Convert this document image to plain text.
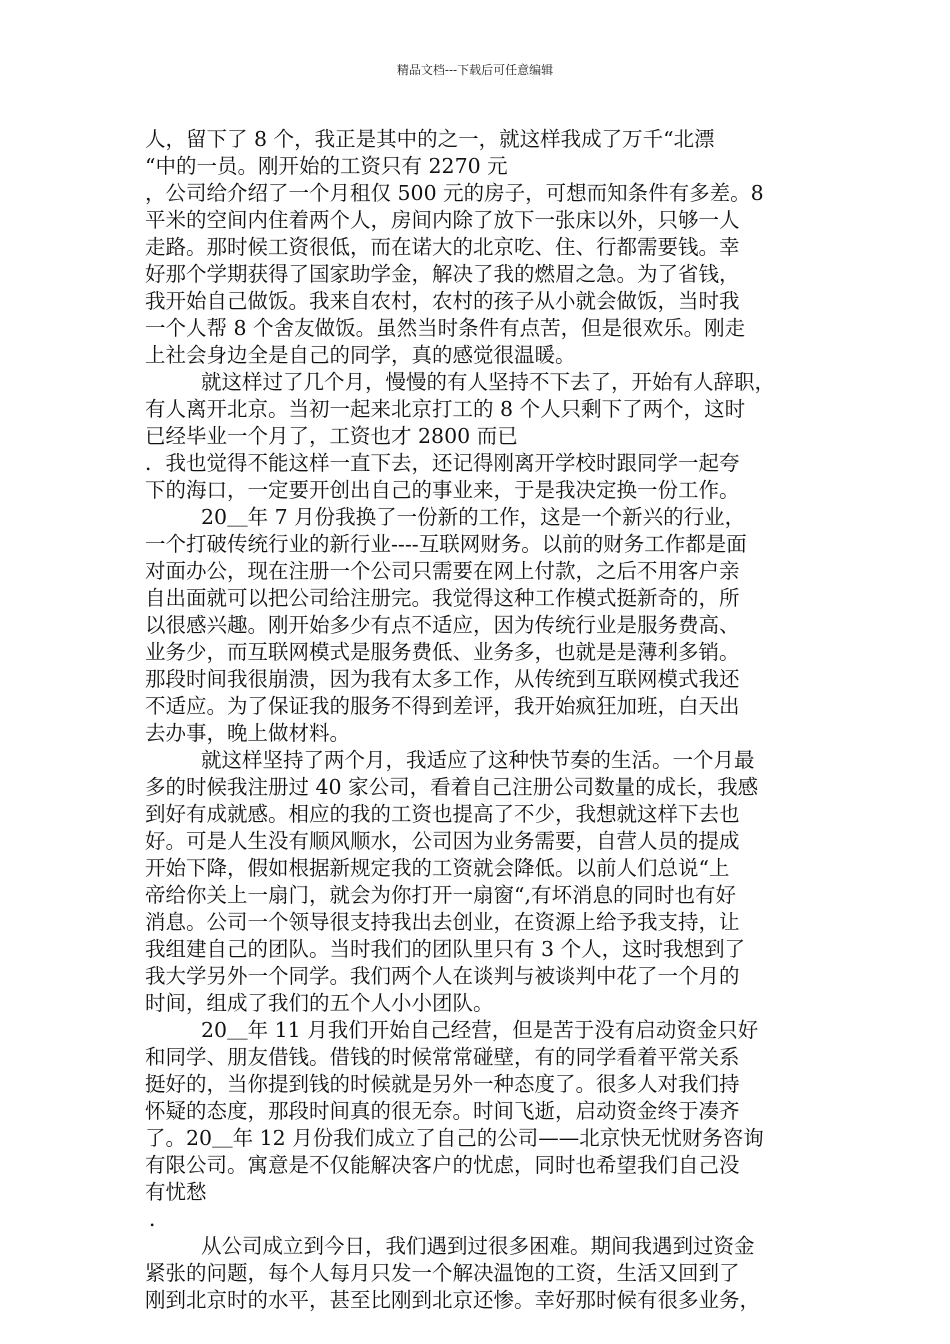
精品文档---下载后可任意编辑
人，留下了 8 个，我正是其中的之一，就这样我成了万千“北漂
“中的一员。刚开始的工资只有 2270 元
，公司给介绍了一个月租仅 500 元的房子，可想而知条件有多差。8
平米的空间内住着两个人，房间内除了放下一张床以外，只够一人
走路。那时候工资很低，而在诺大的北京吃、住、行都需要钱。幸
好那个学期获得了国家助学金，解决了我的燃眉之急。为了省钱，
我开始自己做饭。我来自农村，农村的孩子从小就会做饭，当时我
一个人帮 8 个舍友做饭。虽然当时条件有点苦，但是很欢乐。刚走
上社会身边全是自己的同学，真的感觉很温暖。
就这样过了几个月，慢慢的有人坚持不下去了，开始有人辞职，
有人离开北京。当初一起来北京打工的 8 个人只剩下了两个，这时
已经毕业一个月了，工资也才 2800 而已
．我也觉得不能这样一直下去，还记得刚离开学校时跟同学一起夸
下的海口，一定要开创出自己的事业来，于是我决定换一份工作。
20＿年 7 月份我换了一份新的工作，这是一个新兴的行业，
一个打破传统行业的新行业----互联网财务。以前的财务工作都是面
对面办公，现在注册一个公司只需要在网上付款，之后不用客户亲
自出面就可以把公司给注册完。我觉得这种工作模式挺新奇的，所
以很感兴趣。刚开始多少有点不适应，因为传统行业是服务费高、
业务少，而互联网模式是服务费低、业务多，也就是是薄利多销。
那段时间我很崩溃，因为我有太多工作，从传统到互联网模式我还
不适应。为了保证我的服务不得到差评，我开始疯狂加班，白天出
去办事，晚上做材料。
就这样坚持了两个月，我适应了这种快节奏的生活。一个月最
多的时候我注册过 40 家公司，看着自己注册公司数量的成长，我感
到好有成就感。相应的我的工资也提高了不少，我想就这样下去也
好。可是人生没有顺风顺水，公司因为业务需要，自营人员的提成
开始下降，假如根据新规定我的工资就会降低。以前人们总说“上
帝给你关上一扇门，就会为你打开一扇窗“,有坏消息的同时也有好
消息。公司一个领导很支持我出去创业，在资源上给予我支持，让
我组建自己的团队。当时我们的团队里只有 3 个人，这时我想到了
我大学另外一个同学。我们两个人在谈判与被谈判中花了一个月的
时间，组成了我们的五个人小小团队。
20＿年 11 月我们开始自己经营，但是苦于没有启动资金只好
和同学、朋友借钱。借钱的时候常常碰壁，有的同学看着平常关系
挺好的，当你提到钱的时候就是另外一种态度了。很多人对我们持
怀疑的态度，那段时间真的很无奈。时间飞逝，启动资金终于凑齐
了。20＿年 12 月份我们成立了自己的公司——北京快无忧财务咨询
有限公司。寓意是不仅能解决客户的忧虑，同时也希望我们自己没
有忧愁
．
从公司成立到今日，我们遇到过很多困难。期间我遇到过资金
紧张的问题，每个人每月只发一个解决温饱的工资，生活又回到了
刚到北京时的水平，甚至比刚到北京还惨。幸好那时候有很多业务，
